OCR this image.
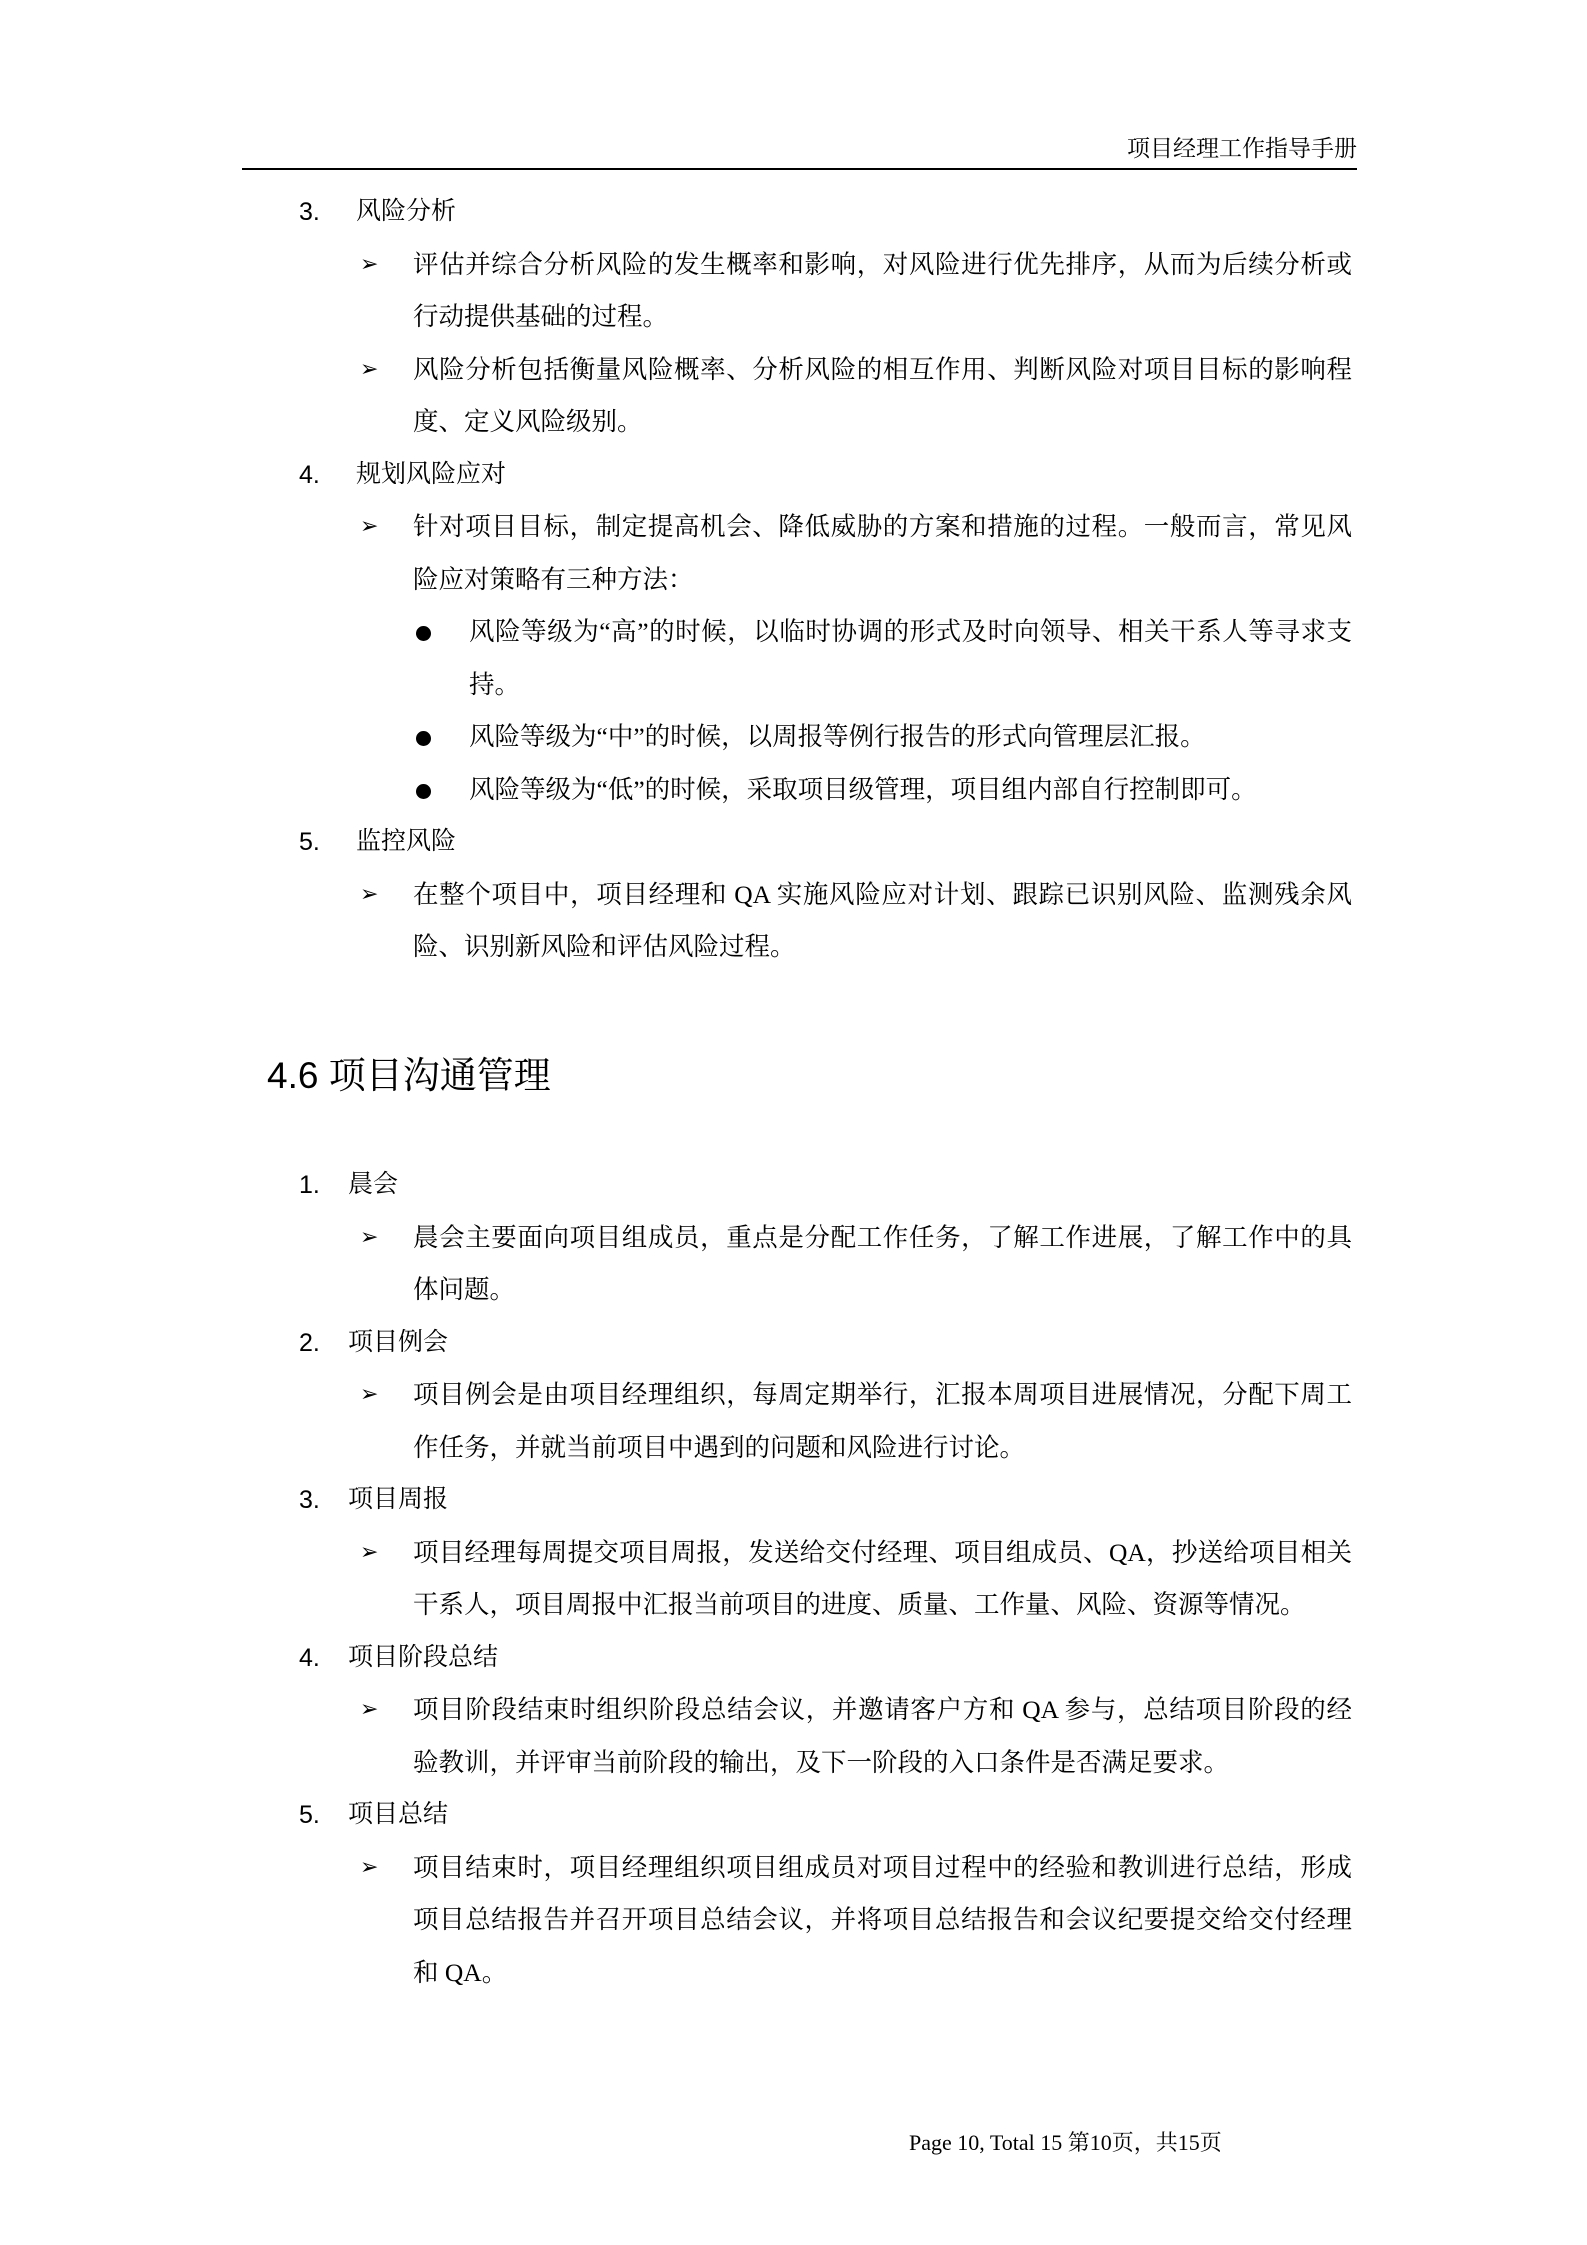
项目经理工作指导手册
3. 风险分析
➢ 评估并综合分析风险的发生概率和影响，对风险进行优先排序，从而为后续分析或行动提供基础的过程。
➢ 风险分析包括衡量风险概率、分析风险的相互作用、判断风险对项目目标的影响程度、定义风险级别。
4. 规划风险应对
➢ 针对项目目标，制定提高机会、降低威胁的方案和措施的过程。一般而言，常见风险应对策略有三种方法：
风险等级为“高”的时候，以临时协调的形式及时向领导、相关干系人等寻求支持。
风险等级为“中”的时候，以周报等例行报告的形式向管理层汇报。
风险等级为“低”的时候，采取项目级管理，项目组内部自行控制即可。
5. 监控风险
➢ 在整个项目中，项目经理和 QA 实施风险应对计划、跟踪已识别风险、监测残余风险、识别新风险和评估风险过程。
4.6 项目沟通管理
1. 晨会
➢ 晨会主要面向项目组成员，重点是分配工作任务，了解工作进展，了解工作中的具体问题。
2. 项目例会
➢ 项目例会是由项目经理组织，每周定期举行，汇报本周项目进展情况，分配下周工作任务，并就当前项目中遇到的问题和风险进行讨论。
3. 项目周报
➢ 项目经理每周提交项目周报，发送给交付经理、项目组成员、QA，抄送给项目相关干系人，项目周报中汇报当前项目的进度、质量、工作量、风险、资源等情况。
4. 项目阶段总结
➢ 项目阶段结束时组织阶段总结会议，并邀请客户方和 QA 参与，总结项目阶段的经验教训，并评审当前阶段的输出，及下一阶段的入口条件是否满足要求。
5. 项目总结
➢ 项目结束时，项目经理组织项目组成员对项目过程中的经验和教训进行总结，形成项目总结报告并召开项目总结会议，并将项目总结报告和会议纪要提交给交付经理和 QA。
Page 10, Total 15 第10页，共15页
